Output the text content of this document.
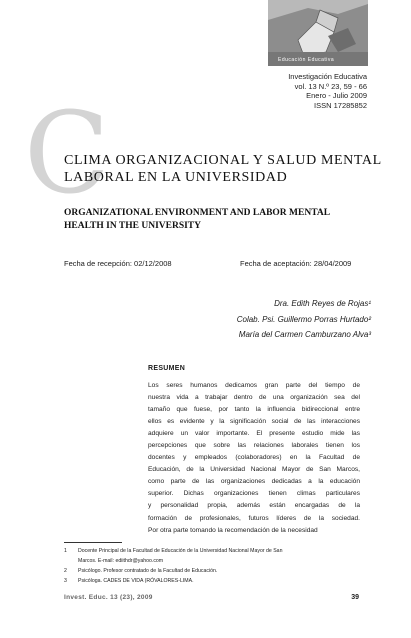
Educación Educativa
Investigación Educativa
vol. 13 N.º 23, 59 - 66
Enero - Julio 2009
ISSN 17285852
C
CLIMA ORGANIZACIONAL Y SALUD MENTAL
LABORAL EN LA UNIVERSIDAD
ORGANIZATIONAL ENVIRONMENT AND LABOR MENTAL
HEALTH IN THE UNIVERSITY
Fecha de recepción: 02/12/2008	Fecha de aceptación: 28/04/2009
Dra. Edith Reyes de Rojas¹
Colab. Psi. Guillermo Porras Hurtado²
María del Carmen Camburzano Alva³
RESUMEN
Los seres humanos dedicamos gran parte del tiempo de
nuestra vida a trabajar dentro de una organización sea del
tamaño que fuese, por tanto la influencia bidireccional entre
ellos es evidente y la significación social de las interacciones
adquiere un valor importante. El presente estudio mide las
percepciones que sobre las relaciones laborales tienen los
docentes y empleados (colaboradores) en la Facultad de
Educación, de la Universidad Nacional Mayor de San Marcos,
como parte de las organizaciones dedicadas a la educación
superior. Dichas organizaciones tienen climas particulares
y personalidad propia, además están encargadas de la
formación de profesionales, futuros líderes de la sociedad.
Por otra parte tomando la recomendación de la necesidad
1 Docente Principal de la Facultad de Educación de la Universidad Nacional Mayor de San
Marcos. E-mail: ediithdr@yahoo.com
2 Psicólogo. Profesor contratado de la Facultad de Educación.
3 Psicóloga. CADES DE VIDA (RÓVALORES-LIMA.
Invest. Educ. 13 (23), 2009	39
